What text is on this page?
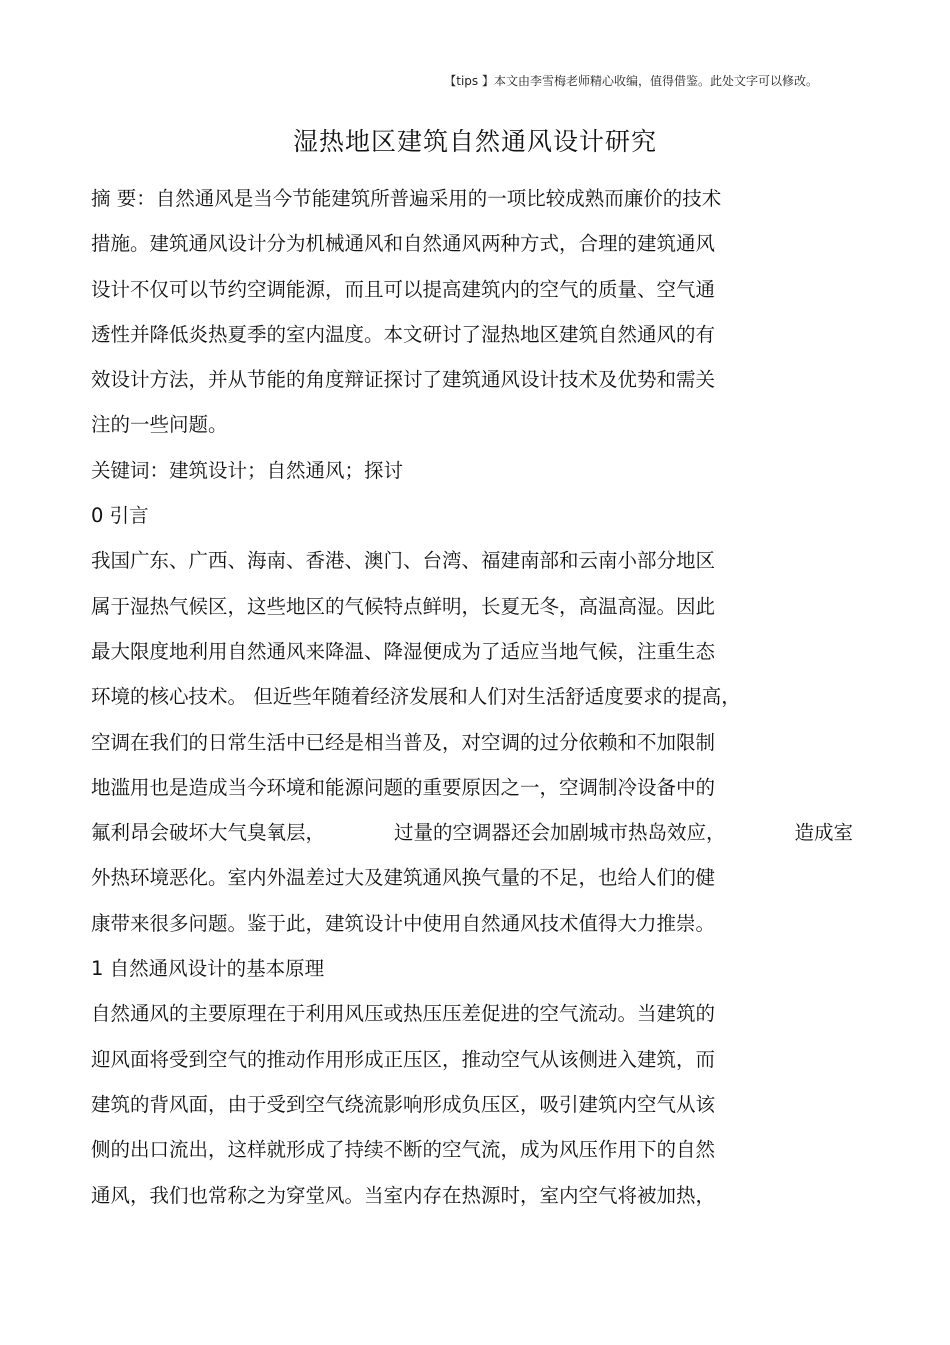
【tips 】本文由李雪梅老师精心收编，值得借鉴。此处文字可以修改。
湿热地区建筑自然通风设计研究
摘 要：自然通风是当今节能建筑所普遍采用的一项比较成熟而廉价的技术
措施。建筑通风设计分为机械通风和自然通风两种方式，合理的建筑通风
设计不仅可以节约空调能源，而且可以提高建筑内的空气的质量、空气通
透性并降低炎热夏季的室内温度。本文研讨了湿热地区建筑自然通风的有
效设计方法，并从节能的角度辩证探讨了建筑通风设计技术及优势和需关
注的一些问题。
关键词：建筑设计；自然通风；探讨
0 引言
我国广东、广西、海南、香港、澳门、台湾、福建南部和云南小部分地区
属于湿热气候区，这些地区的气候特点鲜明，长夏无冬，高温高湿。因此
最大限度地利用自然通风来降温、降湿便成为了适应当地气候，注重生态
环境的核心技术。 但近些年随着经济发展和人们对生活舒适度要求的提高，
空调在我们的日常生活中已经是相当普及，对空调的过分依赖和不加限制
地滥用也是造成当今环境和能源问题的重要原因之一，空调制冷设备中的
氟利昂会破坏大气臭氧层，	过量的空调器还会加剧城市热岛效应，	造成室
外热环境恶化。室内外温差过大及建筑通风换气量的不足，也给人们的健
康带来很多问题。鉴于此，建筑设计中使用自然通风技术值得大力推崇。
1 自然通风设计的基本原理
自然通风的主要原理在于利用风压或热压压差促进的空气流动。当建筑的
迎风面将受到空气的推动作用形成正压区，推动空气从该侧进入建筑，而
建筑的背风面，由于受到空气绕流影响形成负压区，吸引建筑内空气从该
侧的出口流出，这样就形成了持续不断的空气流，成为风压作用下的自然
通风，我们也常称之为穿堂风。当室内存在热源时，室内空气将被加热，
